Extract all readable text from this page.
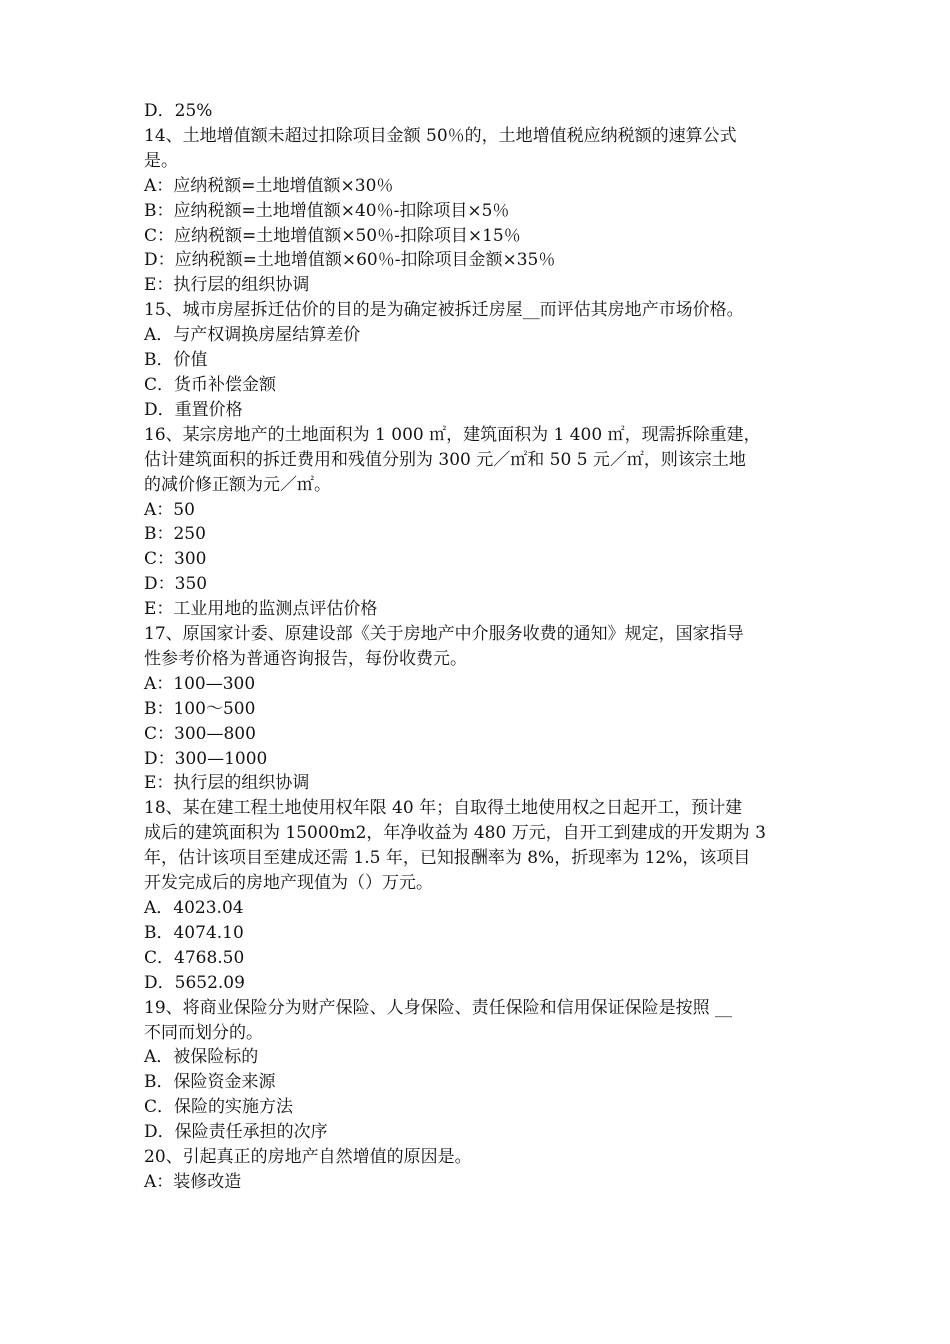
D．25%
14、土地增值额未超过扣除项目金额 50％的，土地增值税应纳税额的速算公式
是。
A：应纳税额=土地增值额×30％
B：应纳税额=土地增值额×40％-扣除项目×5％
C：应纳税额=土地增值额×50％-扣除项目×15％
D：应纳税额=土地增值额×60％-扣除项目金额×35％
E：执行层的组织协调
15、城市房屋拆迁估价的目的是为确定被拆迁房屋__而评估其房地产市场价格。
A．与产权调换房屋结算差价
B．价值
C．货币补偿金额
D．重置价格
16、某宗房地产的土地面积为 1 000 ㎡，建筑面积为 1 400 ㎡，现需拆除重建，
估计建筑面积的拆迁费用和残值分别为 300 元／㎡和 50 5 元／㎡，则该宗土地
的减价修正额为元／㎡。
A：50
B：250
C：300
D：350
E：工业用地的监测点评估价格
17、原国家计委、原建设部《关于房地产中介服务收费的通知》规定，国家指导
性参考价格为普通咨询报告，每份收费元。
A：100—300
B：100～500
C：300—800
D：300—1000
E：执行层的组织协调
18、某在建工程土地使用权年限 40 年；自取得土地使用权之日起开工，预计建
成后的建筑面积为 15000m2，年净收益为 480 万元，自开工到建成的开发期为 3
年，估计该项目至建成还需 1.5 年，已知报酬率为 8%，折现率为 12%，该项目
开发完成后的房地产现值为（）万元。
A．4023.04
B．4074.10
C．4768.50
D．5652.09
19、将商业保险分为财产保险、人身保险、责任保险和信用保证保险是按照 __
不同而划分的。
A．被保险标的
B．保险资金来源
C．保险的实施方法
D．保险责任承担的次序
20、引起真正的房地产自然增值的原因是。
A：装修改造
